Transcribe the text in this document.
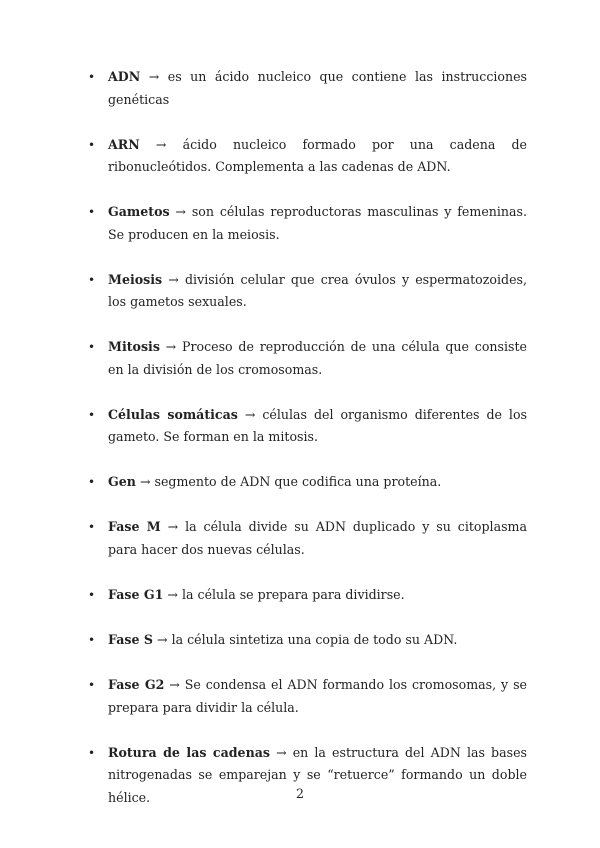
• ADN → es un ácido nucleico que contiene las instrucciones genéticas
• ARN → ácido nucleico formado por una cadena de ribonucleótidos. Complementa a las cadenas de ADN.
• Gametos → son células reproductoras masculinas y femeninas. Se producen en la meiosis.
• Meiosis → división celular que crea óvulos y espermatozoides, los gametos sexuales.
• Mitosis → Proceso de reproducción de una célula que consiste en la división de los cromosomas.
• Células somáticas → células del organismo diferentes de los gameto. Se forman en la mitosis.
• Gen → segmento de ADN que codifica una proteína.
• Fase M → la célula divide su ADN duplicado y su citoplasma para hacer dos nuevas células.
• Fase G1 → la célula se prepara para dividirse.
• Fase S → la célula sintetiza una copia de todo su ADN.
• Fase G2 → Se condensa el ADN formando los cromosomas, y se prepara para dividir la célula.
• Rotura de las cadenas → en la estructura del ADN las bases nitrogenadas se emparejan y se “retuerce” formando un doble hélice.	2
